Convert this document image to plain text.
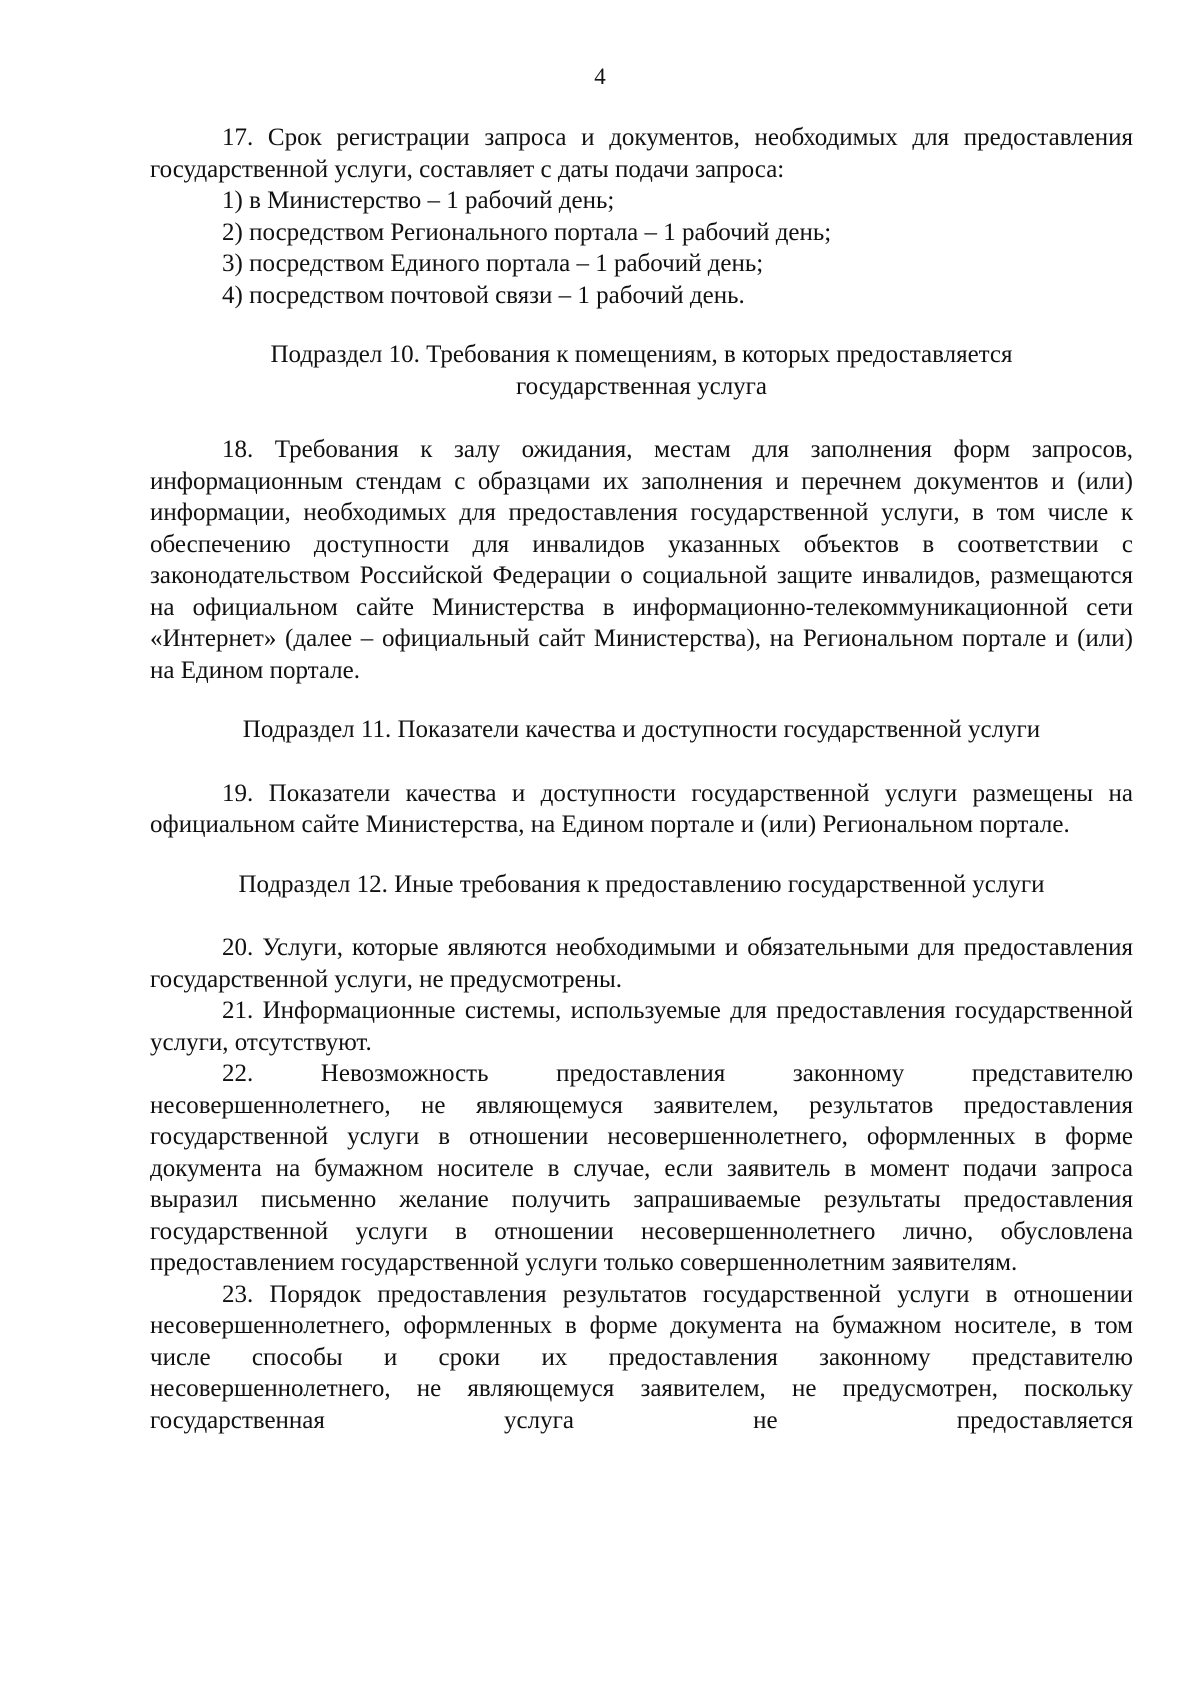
4

17. Срок регистрации запроса и документов, необходимых для предоставления государственной услуги, составляет с даты подачи запроса:

1) в Министерство – 1 рабочий день;

2) посредством Регионального портала – 1 рабочий день;

3) посредством Единого портала – 1 рабочий день;

4) посредством почтовой связи – 1 рабочий день.

Подраздел 10. Требования к помещениям, в которых предоставляется государственная услуга

18. Требования к залу ожидания, местам для заполнения форм запросов, информационным стендам с образцами их заполнения и перечнем документов и (или) информации, необходимых для предоставления государственной услуги, в том числе к обеспечению доступности для инвалидов указанных объектов в соответствии с законодательством Российской Федерации о социальной защите инвалидов, размещаются на официальном сайте Министерства в информационно-телекоммуникационной сети «Интернет» (далее – официальный сайт Министерства), на Региональном портале и (или) на Едином портале.

Подраздел 11. Показатели качества и доступности государственной услуги

19. Показатели качества и доступности государственной услуги размещены на официальном сайте Министерства, на Едином портале и (или) Региональном портале.

Подраздел 12. Иные требования к предоставлению государственной услуги

20. Услуги, которые являются необходимыми и обязательными для предоставления государственной услуги, не предусмотрены.

21. Информационные системы, используемые для предоставления государственной услуги, отсутствуют.

22. Невозможность предоставления законному представителю несовершеннолетнего, не являющемуся заявителем, результатов предоставления государственной услуги в отношении несовершеннолетнего, оформленных в форме документа на бумажном носителе в случае, если заявитель в момент подачи запроса выразил письменно желание получить запрашиваемые результаты предоставления государственной услуги в отношении несовершеннолетнего лично, обусловлена предоставлением государственной услуги только совершеннолетним заявителям.

23. Порядок предоставления результатов государственной услуги в отношении несовершеннолетнего, оформленных в форме документа на бумажном носителе, в том числе способы и сроки их предоставления законному представителю несовершеннолетнего, не являющемуся заявителем, не предусмотрен, поскольку государственная услуга не предоставляется
